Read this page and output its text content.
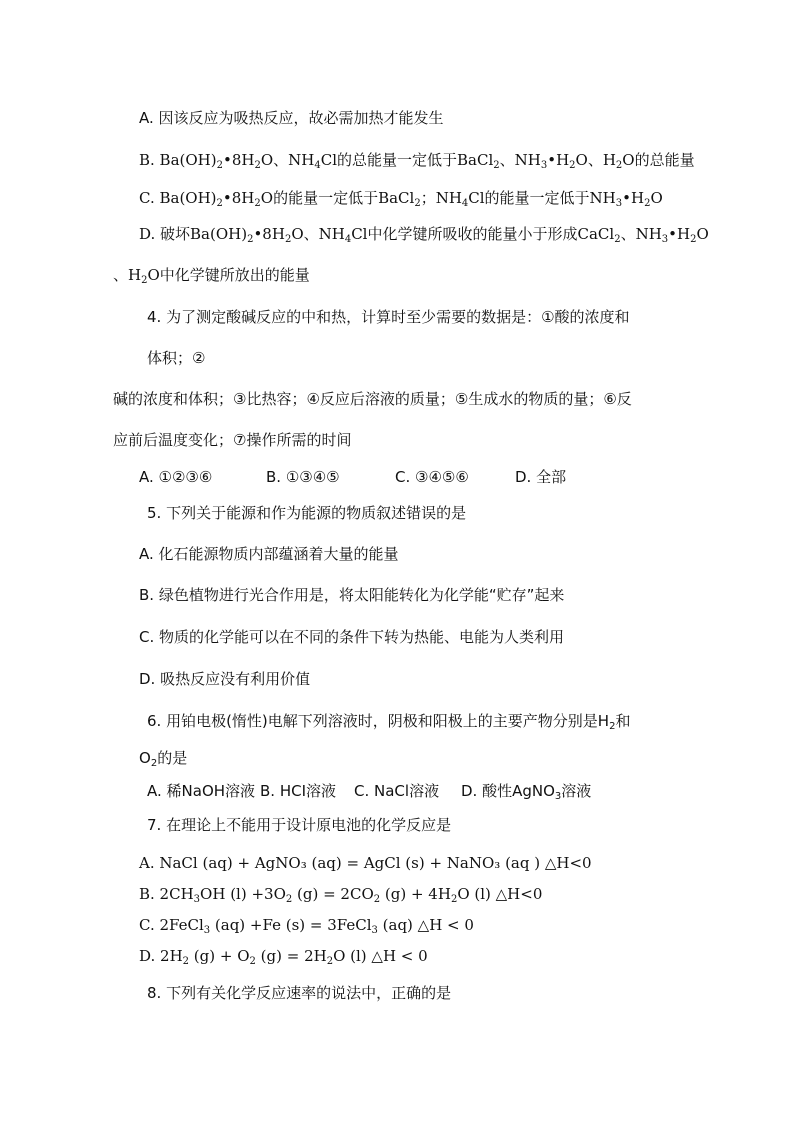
A. 因该反应为吸热反应，故必需加热才能发生
B. $Ba(OH)_2•8H_2O$、$NH_4Cl$的总能量一定低于BaCl$_2$、$NH_3•H_2O$、$H_2O$的总能量
C. $Ba(OH)_2•8H_2O$的能量一定低于BaCl$_2$；$NH_4Cl$的能量一定低于$NH_3•H_2O$
D. 破坏$Ba(OH)_2•8H_2O$、$NH_4Cl$中化学键所吸收的能量小于形成CaCl$_2$、$NH_3•H_2O$
、$H_2O$中化学键所放出的能量
4. 为了测定酸碱反应的中和热，计算时至少需要的数据是：①酸的浓度和
体积；②
碱的浓度和体积；③比热容；④反应后溶液的质量；⑤生成水的物质的量；⑥反
应前后温度变化；⑦操作所需的时间
A. ①②③⑥	B. ①③④⑤	C. ③④⑤⑥	D. 全部
5. 下列关于能源和作为能源的物质叙述错误的是
A. 化石能源物质内部蕴涵着大量的能量
B. 绿色植物进行光合作用是，将太阳能转化为化学能“贮存”起来
C. 物质的化学能可以在不同的条件下转为热能、电能为人类利用
D. 吸热反应没有利用价值
6. 用铂电极(惰性)电解下列溶液时，阴极和阳极上的主要产物分别是$H_2$和
$O_2$的是
A. 稀NaOH溶液 B. HCI溶液 C. NaCl溶液 D. 酸性AgNO$_3$溶液
7. 在理论上不能用于设计原电池的化学反应是
A. NaCl (aq) + AgNO₃ (aq) = AgCl (s) + NaNO₃ (aq ) △H<0
B. $2CH_3OH$ $(l) +3O_2$ $(g) = 2CO_2$ $(g) + 4H_2O$ (l) △H<0
C. 2FeCl$_3$ (aq) +Fe (s) = 3FeCl$_3$ (aq) △H < 0
D. $2H_2$ $(g) + O_2$ $(g) = 2H_2O$ (l) △H < 0
8. 下列有关化学反应速率的说法中，正确的是
